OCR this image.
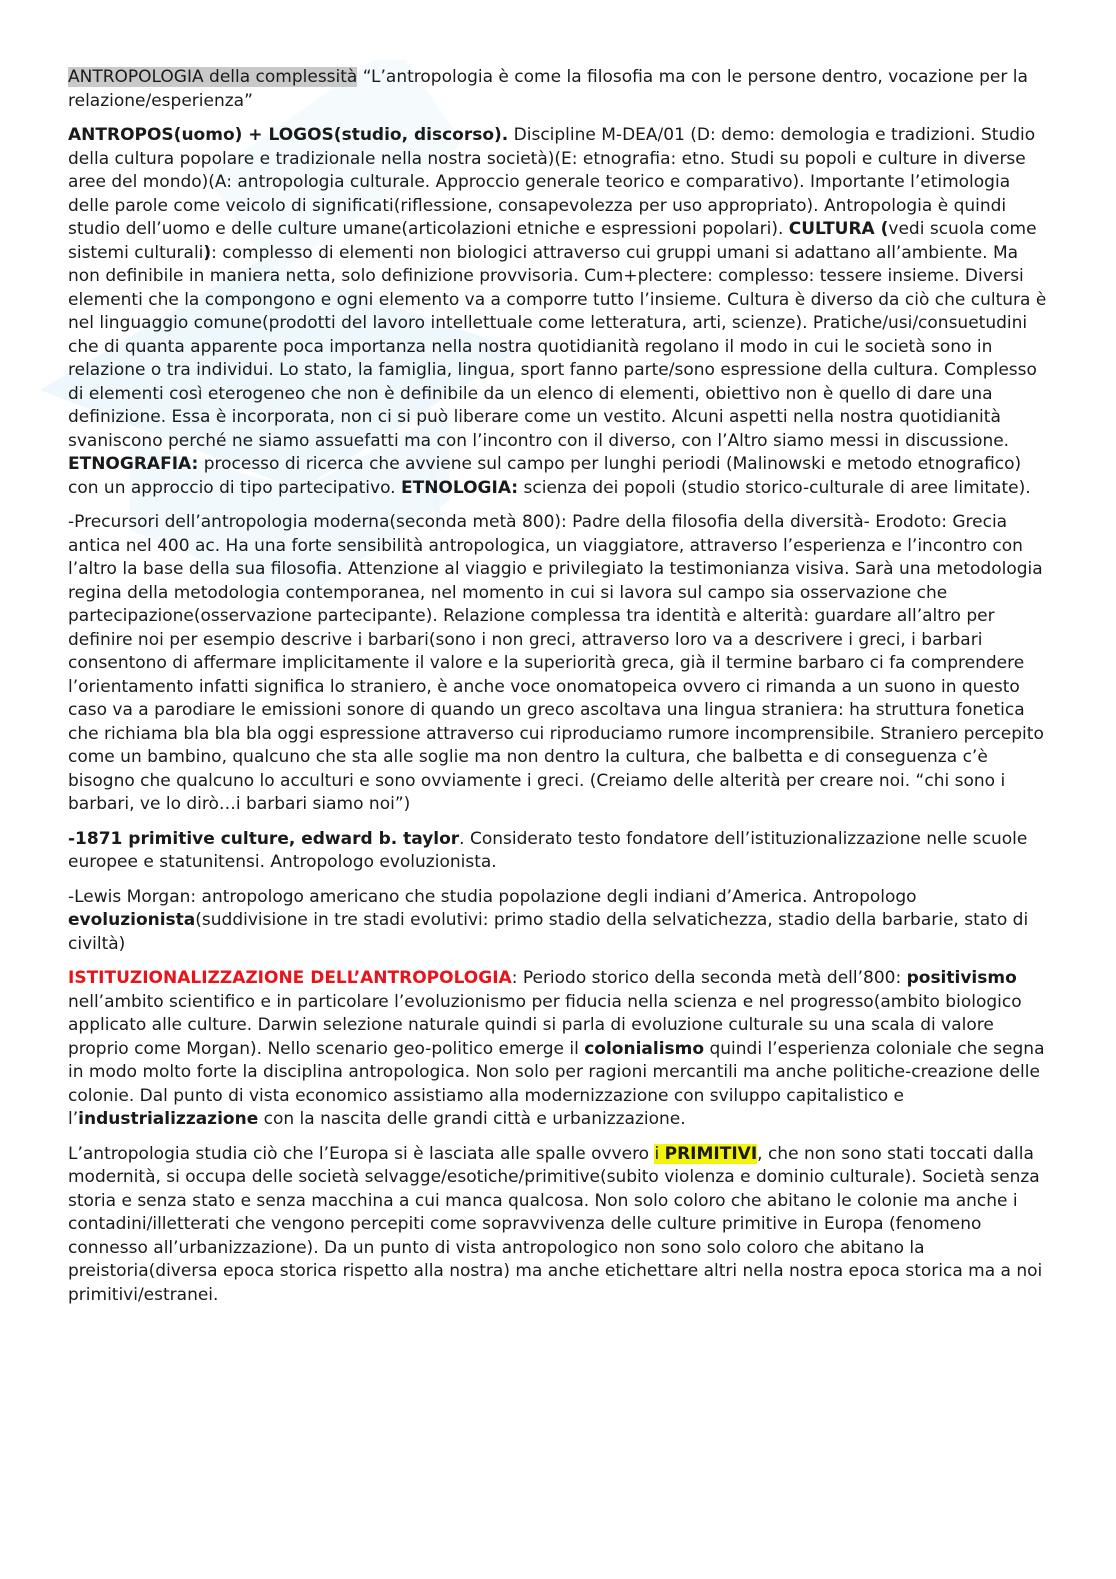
ANTROPOLOGIA della complessità “L’antropologia è come la filosofia ma con le persone dentro, vocazione per la relazione/esperienza”

ANTROPOS(uomo) + LOGOS(studio, discorso). Discipline M-DEA/01 (D: demo: demologia e tradizioni. Studio della cultura popolare e tradizionale nella nostra società)(E: etnografia: etno. Studi su popoli e culture in diverse aree del mondo)(A: antropologia culturale. Approccio generale teorico e comparativo). Importante l’etimologia delle parole come veicolo di significati(riflessione, consapevolezza per uso appropriato). Antropologia è quindi studio dell’uomo e delle culture umane(articolazioni etniche e espressioni popolari). CULTURA (vedi scuola come sistemi culturali): complesso di elementi non biologici attraverso cui gruppi umani si adattano all’ambiente. Ma non definibile in maniera netta, solo definizione provvisoria. Cum+plectere: complesso: tessere insieme. Diversi elementi che la compongono e ogni elemento va a comporre tutto l’insieme. Cultura è diverso da ciò che cultura è nel linguaggio comune(prodotti del lavoro intellettuale come letteratura, arti, scienze). Pratiche/usi/consuetudini che di quanta apparente poca importanza nella nostra quotidianità regolano il modo in cui le società sono in relazione o tra individui. Lo stato, la famiglia, lingua, sport fanno parte/sono espressione della cultura. Complesso di elementi così eterogeneo che non è definibile da un elenco di elementi, obiettivo non è quello di dare una definizione. Essa è incorporata, non ci si può liberare come un vestito. Alcuni aspetti nella nostra quotidianità svaniscono perché ne siamo assuefatti ma con l’incontro con il diverso, con l’Altro siamo messi in discussione. ETNOGRAFIA: processo di ricerca che avviene sul campo per lunghi periodi (Malinowski e metodo etnografico) con un approccio di tipo partecipativo. ETNOLOGIA: scienza dei popoli (studio storico-culturale di aree limitate).

-Precursori dell’antropologia moderna(seconda metà 800): Padre della filosofia della diversità- Erodoto: Grecia antica nel 400 ac. Ha una forte sensibilità antropologica, un viaggiatore, attraverso l’esperienza e l’incontro con l’altro la base della sua filosofia. Attenzione al viaggio e privilegiato la testimonianza visiva. Sarà una metodologia regina della metodologia contemporanea, nel momento in cui si lavora sul campo sia osservazione che partecipazione(osservazione partecipante). Relazione complessa tra identità e alterità: guardare all’altro per definire noi per esempio descrive i barbari(sono i non greci, attraverso loro va a descrivere i greci, i barbari consentono di affermare implicitamente il valore e la superiorità greca, già il termine barbaro ci fa comprendere l’orientamento infatti significa lo straniero, è anche voce onomatopeica ovvero ci rimanda a un suono in questo caso va a parodiare le emissioni sonore di quando un greco ascoltava una lingua straniera: ha struttura fonetica che richiama bla bla bla oggi espressione attraverso cui riproduciamo rumore incomprensibile. Straniero percepito come un bambino, qualcuno che sta alle soglie ma non dentro la cultura, che balbetta e di conseguenza c’è bisogno che qualcuno lo acculturi e sono ovviamente i greci. (Creiamo delle alterità per creare noi. “chi sono i barbari, ve lo dirò…i barbari siamo noi”)

-1871 primitive culture, edward b. taylor. Considerato testo fondatore dell’istituzionalizzazione nelle scuole europee e statunitensi. Antropologo evoluzionista.

-Lewis Morgan: antropologo americano che studia popolazione degli indiani d’America. Antropologo evoluzionista(suddivisione in tre stadi evolutivi: primo stadio della selvatichezza, stadio della barbarie, stato di civiltà)

ISTITUZIONALIZZAZIONE DELL’ANTROPOLOGIA: Periodo storico della seconda metà dell’800: positivismo nell’ambito scientifico e in particolare l’evoluzionismo per fiducia nella scienza e nel progresso(ambito biologico applicato alle culture. Darwin selezione naturale quindi si parla di evoluzione culturale su una scala di valore proprio come Morgan). Nello scenario geo-politico emerge il colonialismo quindi l’esperienza coloniale che segna in modo molto forte la disciplina antropologica. Non solo per ragioni mercantili ma anche politiche-creazione delle colonie. Dal punto di vista economico assistiamo alla modernizzazione con sviluppo capitalistico e l’industrializzazione con la nascita delle grandi città e urbanizzazione.

L’antropologia studia ciò che l’Europa si è lasciata alle spalle ovvero i PRIMITIVI, che non sono stati toccati dalla modernità, si occupa delle società selvagge/esotiche/primitive(subito violenza e dominio culturale). Società senza storia e senza stato e senza macchina a cui manca qualcosa. Non solo coloro che abitano le colonie ma anche i contadini/illetterati che vengono percepiti come sopravvivenza delle culture primitive in Europa (fenomeno connesso all’urbanizzazione). Da un punto di vista antropologico non sono solo coloro che abitano la preistoria(diversa epoca storica rispetto alla nostra) ma anche etichettare altri nella nostra epoca storica ma a noi primitivi/estranei.
